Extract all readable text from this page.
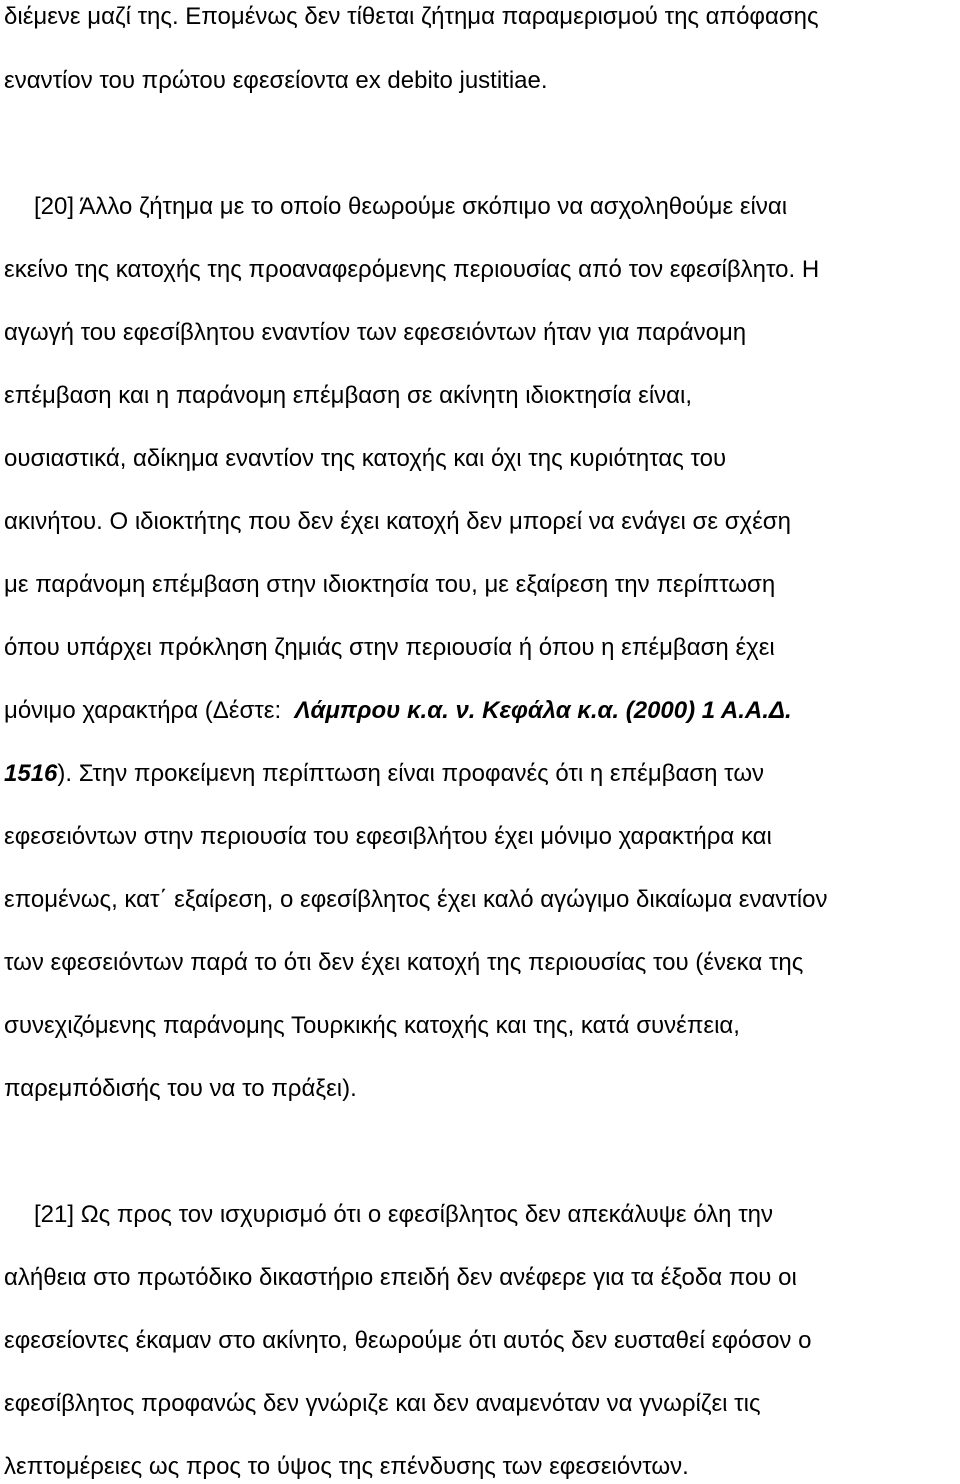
διέμενε μαζί της. Επομένως δεν τίθεται ζήτημα παραμερισμού της απόφασης
εναντίον του πρώτου εφεσείοντα ex debito justitiae.
[20] Άλλο ζήτημα με το οποίο θεωρούμε σκόπιμο να ασχοληθούμε είναι
εκείνο της κατοχής της προαναφερόμενης περιουσίας από τον εφεσίβλητο. Η
αγωγή του εφεσίβλητου εναντίον των εφεσειόντων ήταν για παράνομη
επέμβαση και η παράνομη επέμβαση σε ακίνητη ιδιοκτησία είναι,
ουσιαστικά, αδίκημα εναντίον της κατοχής και όχι της κυριότητας του
ακινήτου. Ο ιδιοκτήτης που δεν έχει κατοχή δεν μπορεί να ενάγει σε σχέση
με παράνομη επέμβαση στην ιδιοκτησία του, με εξαίρεση την περίπτωση
όπου υπάρχει πρόκληση ζημιάς στην περιουσία ή όπου η επέμβαση έχει
μόνιμο χαρακτήρα (Δέστε: Λάμπρου κ.α. ν. Κεφάλα κ.α. (2000) 1 Α.Α.Δ.
1516). Στην προκείμενη περίπτωση είναι προφανές ότι η επέμβαση των
εφεσειόντων στην περιουσία του εφεσιβλήτου έχει μόνιμο χαρακτήρα και
επομένως, κατ΄ εξαίρεση, ο εφεσίβλητος έχει καλό αγώγιμο δικαίωμα εναντίον
των εφεσειόντων παρά το ότι δεν έχει κατοχή της περιουσίας του (ένεκα της
συνεχιζόμενης παράνομης Τουρκικής κατοχής και της, κατά συνέπεια,
παρεμπόδισής του να το πράξει).
[21] Ως προς τον ισχυρισμό ότι ο εφεσίβλητος δεν απεκάλυψε όλη την
αλήθεια στο πρωτόδικο δικαστήριο επειδή δεν ανέφερε για τα έξοδα που οι
εφεσείοντες έκαμαν στο ακίνητο, θεωρούμε ότι αυτός δεν ευσταθεί εφόσον ο
εφεσίβλητος προφανώς δεν γνώριζε και δεν αναμενόταν να γνωρίζει τις
λεπτομέρειες ως προς το ύψος της επένδυσης των εφεσειόντων.
